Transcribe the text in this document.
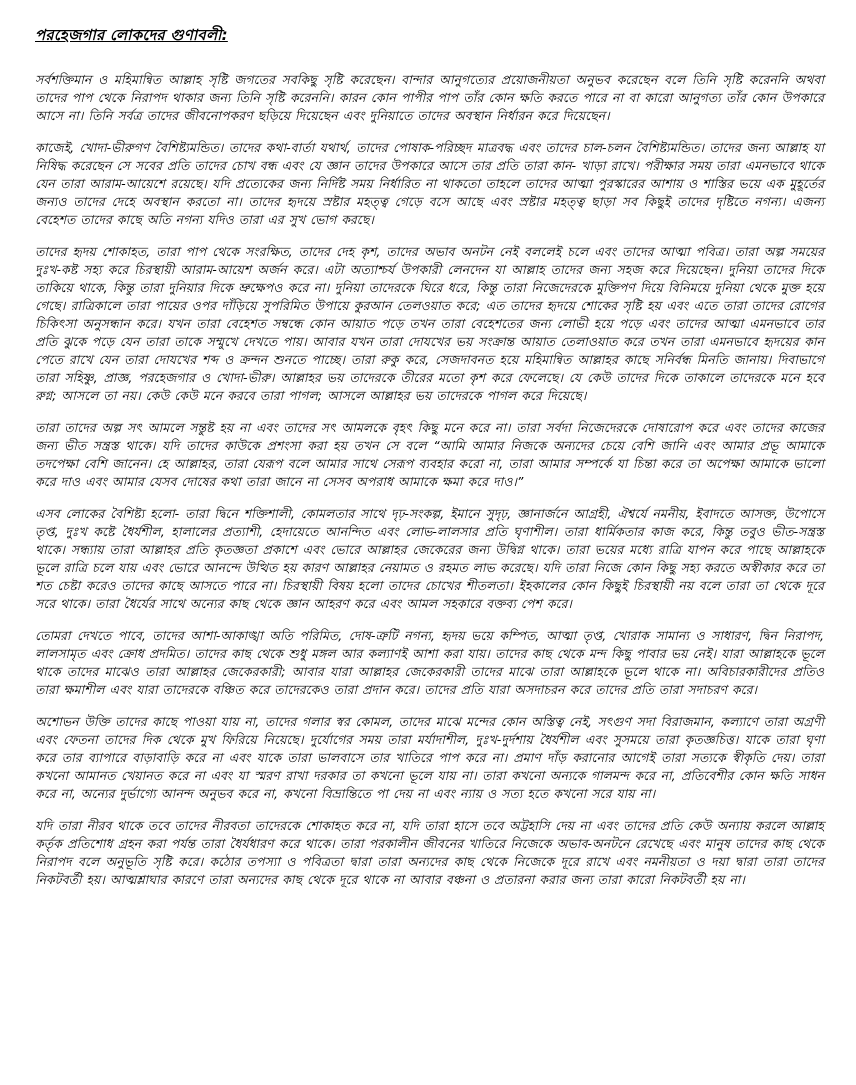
পরহেজগার লোকদের গুণাবলী:

সর্বশক্তিমান ও মহিমান্বিত আল্লাহ সৃষ্টি জগতের সবকিছু সৃষ্টি করেছেন। বান্দার আনুগত্যের প্রয়োজনীয়তা অনুভব করেছেন বলে তিনি সৃষ্টি করেননি অথবা তাদের পাপ থেকে নিরাপদ থাকার জন্য তিনি সৃষ্টি করেননি। কারন কোন পাপীর পাপ তাঁর কোন ক্ষতি করতে পারে না বা কারো আনুগত্য তাঁর কোন উপকারে আসে না। তিনি সর্বত্র তাদের জীবনোপকরণ ছড়িয়ে দিয়েছেন এবং দুনিয়াতে তাদের অবস্থান নির্ধারন করে দিয়েছেন।

কাজেই, খোদা-ভীরুগণ বৈশিষ্ট্যমন্ডিত। তাদের কথা-বার্তা যথার্থ, তাদের পোষাক-পরিচ্ছদ মাত্রবদ্ধ এবং তাদের চাল-চলন বৈশিষ্ট্যমন্ডিত। তাদের জন্য আল্লাহ যা নিষিদ্ধ করেছেন সে সবের প্রতি তাদের চোখ বন্ধ এবং যে জ্ঞান তাদের উপকারে আসে তার প্রতি তারা কান- খাড়া রাখে। পরীক্ষার সময় তারা এমনভাবে থাকে যেন তারা আরাম-আয়েশে রয়েছে। যদি প্রত্যেকের জন্য নির্দিষ্ট সময় নির্ধারিত না থাকতো তাহলে তাদের আত্মা পুরস্কারের আশায় ও শাস্তির ভয়ে এক মুহূর্তের জন্যও তাদের দেহে অবস্থান করতো না। তাদের হৃদয়ে স্রষ্টার মহত্ত্ব গেড়ে বসে আছে এবং স্রষ্টার মহত্ত্ব ছাড়া সব কিছুই তাদের দৃষ্টিতে নগন্য। এজন্য বেহেশত তাদের কাছে অতি নগন্য যদিও তারা এর সুখ ভোগ করছে।

তাদের হৃদয় শোকাহত, তারা পাপ থেকে সংরক্ষিত, তাদের দেহ কৃশ, তাদের অভাব অনটন নেই বললেই চলে এবং তাদের আত্মা পবিত্র। তারা অল্প সময়ের দুঃখ-কষ্ট সহ্য করে চিরস্থায়ী আরাম-আয়েশ অর্জন করে। এটা অত্যাশ্চর্য উপকারী লেনদেন যা আল্লাহ তাদের জন্য সহজ করে দিয়েছেন। দুনিয়া তাদের দিকে তাকিয়ে থাকে, কিন্তু তারা দুনিয়ার দিকে ভ্রুক্ষেপও করে না। দুনিয়া তাদেরকে ঘিরে ধরে, কিন্তু তারা নিজেদেরকে মুক্তিপণ দিয়ে বিনিময়ে দুনিয়া থেকে মুক্ত হয়ে গেছে। রাত্রিকালে তারা পায়ের ওপর দাঁড়িয়ে সুপরিমিত উপায়ে কুরআন তেলওয়াত করে; এত তাদের হৃদয়ে শোকের সৃষ্টি হয় এবং এতে তারা তাদের রোগের চিকিৎসা অনুসন্ধান করে। যখন তারা বেহেশত সম্বন্ধে কোন আয়াত পড়ে তখন তারা বেহেশতের জন্য লোভী হয়ে পড়ে এবং তাদের আত্মা এমনভাবে তার প্রতি ঝুকে পড়ে যেন তারা তাকে সম্মুখে দেখতে পায়। আবার যখন তারা দোযখের ভয় সংক্রান্ত আয়াত তেলাওয়াত করে তখন তারা এমনভাবে হৃদয়ের কান পেতে রাখে যেন তারা দোযখের শব্দ ও ক্রন্দন শুনতে পাচ্ছে। তারা রুকু করে, সেজদাবনত হয়ে মহিমান্বিত আল্লাহর কাছে সনির্বন্ধ মিনতি জানায়। দিবাভাগে তারা সহিষ্ণু, প্রাজ্ঞ, পরহেজগার ও খোদা-ভীরু। আল্লাহর ভয় তাদেরকে তীরের মতো কৃশ করে ফেলেছে। যে কেউ তাদের দিকে তাকালে তাদেরকে মনে হবে রুগ্ন; আসলে তা নয়। কেউ কেউ মনে করবে তারা পাগল; আসলে আল্লাহর ভয় তাদেরকে পাগল করে দিয়েছে।

তারা তাদের অল্প সৎ আমলে সন্তুষ্ট হয় না এবং তাদের সৎ আমলকে বৃহৎ কিছু মনে করে না। তারা সর্বদা নিজেদেরকে দোষারোপ করে এবং তাদের কাজের জন্য ভীত সন্ত্রস্ত থাকে। যদি তাদের কাউকে প্রশংসা করা হয় তখন সে বলে “আমি আমার নিজকে অন্যদের চেয়ে বেশি জানি এবং আমার প্রভূ আমাকে তদপেক্ষা বেশি জানেন। হে আল্লাহর, তারা যেরূপ বলে আমার সাথে সেরূপ ব্যবহার করো না, তারা আমার সম্পর্কে যা চিন্তা করে তা অপেক্ষা আমাকে ভালো করে দাও এবং আমার যেসব দোষের কথা তারা জানে না সেসব অপরাধ আমাকে ক্ষমা করে দাও।”

এসব লোকের বৈশিষ্ট্য হলো- তারা দ্বিনে শক্তিশালী, কোমলতার সাথে দৃঢ়-সংকল্প, ইমানে সুদৃঢ়, জ্ঞানার্জনে আগ্রহী, ঐশ্বর্যে নমনীয়, ইবাদতে আসক্ত, উপোসে তৃপ্ত, দুঃখ কষ্টে ধৈর্যশীল, হালালের প্রত্যাশী, হেদায়েতে আনন্দিত এবং লোভ-লালসার প্রতি ঘৃণাশীল। তারা ধার্মিকতার কাজ করে, কিন্তু তবুও ভীত-সন্ত্রস্ত থাকে। সন্ধ্যায় তারা আল্লাহর প্রতি কৃতজ্ঞতা প্রকাশে এবং ভোরে আল্লাহর জেকেরের জন্য উদ্বিগ্ন থাকে। তারা ভয়ের মধ্যে রাত্রি যাপন করে পাছে আল্লাহকে ভূলে রাত্রি চলে যায় এবং ভোরে আনন্দে উত্থিত হয় কারণ আল্লাহর নেয়ামত ও রহমত লাভ করেছে। যদি তারা নিজে কোন কিছু সহ্য করতে অস্বীকার করে তা শত চেষ্টা করেও তাদের কাছে আসতে পারে না। চিরস্থায়ী বিষয় হলো তাদের চোখের শীতলতা। ইহকালের কোন কিছুই চিরস্থায়ী নয় বলে তারা তা থেকে দূরে সরে থাকে। তারা ধৈর্যের সাথে অন্যের কাছ থেকে জ্ঞান আহরণ করে এবং আমল সহকারে বক্তব্য পেশ করে।

তোমরা দেখতে পাবে, তাদের আশা-আকাঙ্খা অতি পরিমিত, দোষ-ত্রুটি নগন্য, হৃদয় ভয়ে কম্পিত, আত্মা তৃপ্ত, খোরাক সামান্য ও সাধারণ, দ্বিন নিরাপদ, লালসামৃত এবং ক্রোধ প্রদমিত। তাদের কাছ থেকে শুধু মঙ্গল আর কল্যাণই আশা করা যায়। তাদের কাছ থেকে মন্দ কিছু পাবার ভয় নেই। যারা আল্লাহকে ভূলে থাকে তাদের মাঝেও তারা আল্লাহর জেকেরকারী; আবার যারা আল্লাহর জেকেরকারী তাদের মাঝে তারা আল্লাহকে ভূলে থাকে না। অবিচারকারীদের প্রতিও তারা ক্ষমাশীল এবং যারা তাদেরকে বঞ্চিত করে তাদেরকেও তারা প্রদান করে। তাদের প্রতি যারা অসদাচরন করে তাদের প্রতি তারা সদাচরণ করে।

অশোভন উক্তি তাদের কাছে পাওয়া যায় না, তাদের গলার স্বর কোমল, তাদের মাঝে মন্দের কোন অস্তিত্ব নেই, সৎগুণ সদা বিরাজমান, কল্যাণে তারা অগ্রণী এবং ফেতনা তাদের দিক থেকে মুখ ফিরিয়ে নিয়েছে। দুর্যোগের সময় তারা মর্যাদাশীল, দুঃখ-দুর্দশায় ধৈর্যশীল এবং সুসময়ে তারা কৃতজ্ঞচিত্ত। যাকে তারা ঘৃণা করে তার ব্যাপারে বাড়াবাড়ি করে না এবং যাকে তারা ভালবাসে তার খাতিরে পাপ করে না। প্রমাণ দাঁড় করানোর আগেই তারা সত্যকে স্বীকৃতি দেয়। তারা কখনো আমানত খেয়ানত করে না এবং যা স্মরণ রাখা দরকার তা কখনো ভূলে যায় না। তারা কখনো অন্যকে গালমন্দ করে না, প্রতিবেশীর কোন ক্ষতি সাধন করে না, অন্যের দুর্ভাগ্যে আনন্দ অনুভব করে না, কখনো বিভ্রান্তিতে পা দেয় না এবং ন্যায় ও সত্য হতে কখনো সরে যায় না।

যদি তারা নীরব থাকে তবে তাদের নীরবতা তাদেরকে শোকাহত করে না, যদি তারা হাসে তবে অট্টহাসি দেয় না এবং তাদের প্রতি কেউ অন্যায় করলে আল্লাহ কর্তৃক প্রতিশোধ গ্রহন করা পর্যন্ত তারা ধৈর্যধারণ করে থাকে। তারা পরকালীন জীবনের খাতিরে নিজেকে অভাব-অনটনে রেখেছে এবং মানুষ তাদের কাছ থেকে নিরাপদ বলে অনুভূতি সৃষ্টি করে। কঠোর তপস্যা ও পবিত্রতা দ্বারা তারা অন্যদের কাছ থেকে নিজেকে দূরে রাখে এবং নমনীয়তা ও দয়া দ্বারা তারা তাদের নিকটবর্তী হয়। আত্মশ্লাঘার কারণে তারা অন্যদের কাছ থেকে দূরে থাকে না আবার বঞ্চনা ও প্রতারনা করার জন্য তারা কারো নিকটবর্তী হয় না।
